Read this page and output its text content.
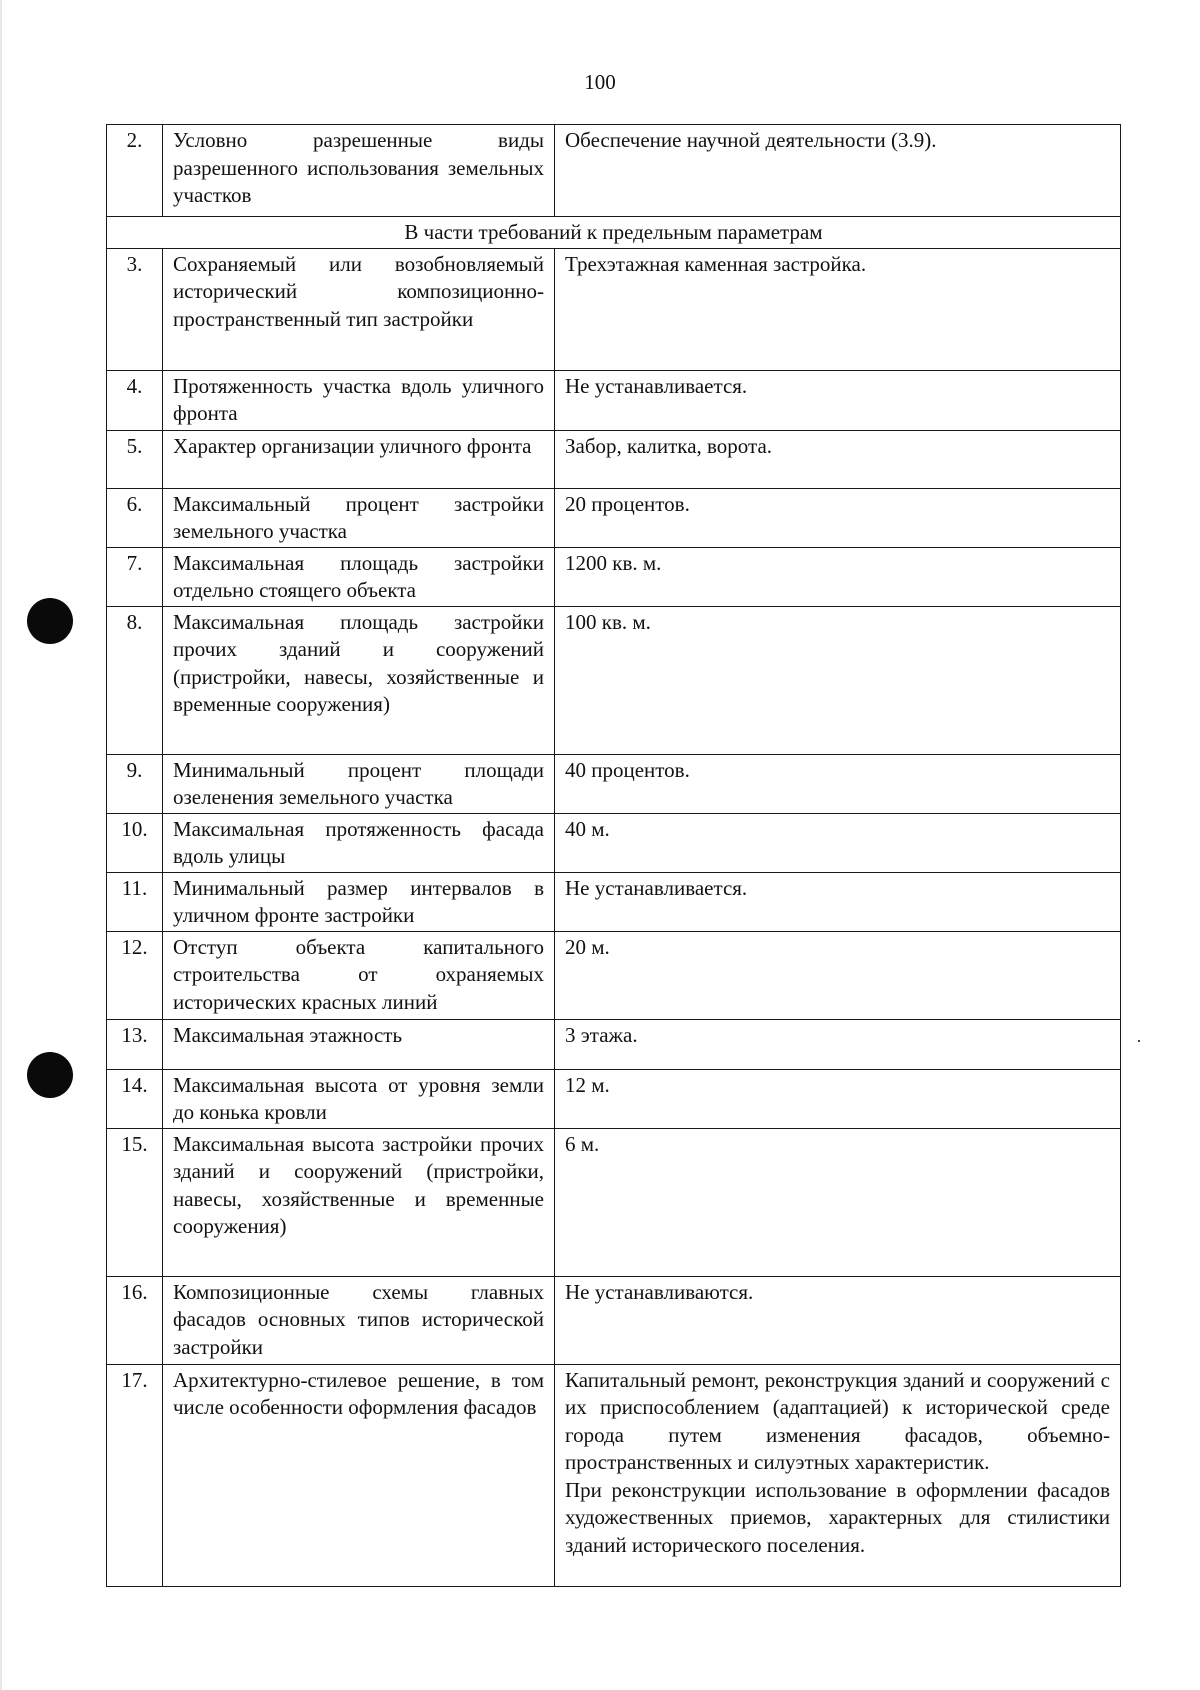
100
2.	Условно разрешенные виды разрешенного использования земельных участков	Обеспечение научной деятельности (3.9).

В части требований к предельным параметрам		
3.	Сохраняемый или возобновляемый исторический композиционно-пространственный тип застройки	Трехэтажная каменная застройка.

4.	Протяженность участка вдоль уличного фронта	Не устанавливается.

5.	Характер организации уличного фронта	Забор, калитка, ворота.

6.	Максимальный процент застройки земельного участка	20 процентов.

7.	Максимальная площадь застройки отдельно стоящего объекта	1200 кв. м.

8.	Максимальная площадь застройки прочих зданий и сооружений (пристройки, навесы, хозяйственные и временные сооружения)	100 кв. м.

9.	Минимальный процент площади озеленения земельного участка	40 процентов.

10.	Максимальная протяженность фасада вдоль улицы	40 м.

11.	Минимальный размер интервалов в уличном фронте застройки	Не устанавливается.

12.	Отступ объекта капитального строительства от охраняемых исторических красных линий	20 м.

13.	Максимальная этажность	3 этажа.

14.	Максимальная высота от уровня земли до конька кровли	12 м.

15.	Максимальная высота застройки прочих зданий и сооружений (пристройки, навесы, хозяйственные и временные сооружения)	6 м.

16.	Композиционные схемы главных фасадов основных типов исторической застройки	Не устанавливаются.

17.	Архитектурно-стилевое решение, в том числе особенности оформления фасадов	Капитальный ремонт, реконструкция зданий и сооружений с их приспособлением (адаптацией) к исторической среде города путем изменения фасадов, объемно-пространственных и силуэтных характеристик.
При реконструкции использование в оформлении фасадов художественных приемов, характерных для стилистики зданий исторического поселения.
